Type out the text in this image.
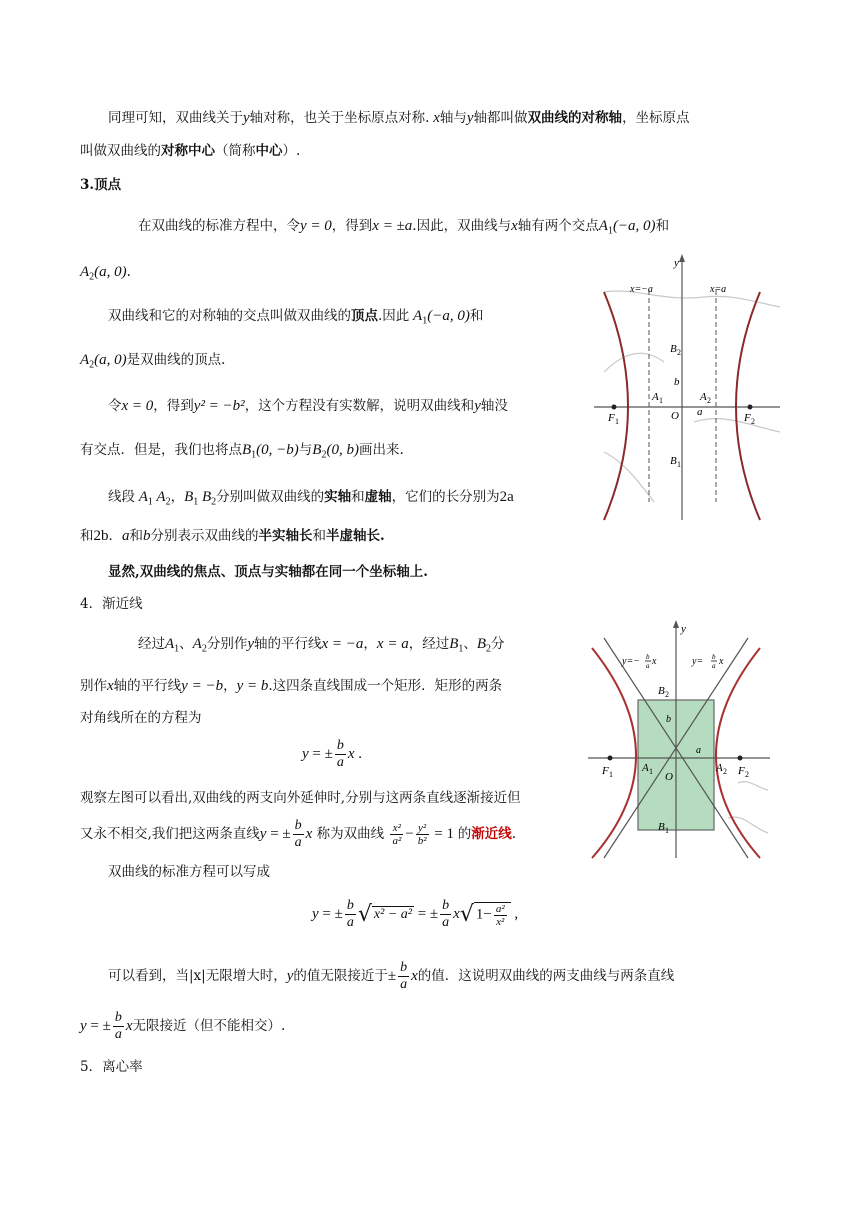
同理可知，双曲线关于y轴对称，也关于坐标原点对称. x轴与y轴都叫做双曲线的对称轴，坐标原点
叫做双曲线的对称中心（简称中心）.
3.顶点
在双曲线的标准方程中，令y = 0，得到x = ±a.因此，双曲线与x轴有两个交点$A_1(-a$, 0)和
$A_2(a$, 0).
双曲线和它的对称轴的交点叫做双曲线的顶点.因此 $A_1(-a$, 0)和
$A_2(a$, 0)是双曲线的顶点.
令x = 0，得到y² = −b²，这个方程没有实数解，说明双曲线和y轴没
有交点．但是，我们也将点$B_1(0$, −b)与$B_2(0$, b)画出来.
线段 $A_1$ $A_2$，$B_1$ $B_2$分别叫做双曲线的实轴和虚轴，它们的长分别为2a
和2b．a和b分别表示双曲线的半实轴长和半虚轴长.
显然,双曲线的焦点、顶点与实轴都在同一个坐标轴上.
4．渐近线
经过$A_1$、$A_2$分别作y轴的平行线x = −a，x = a，经过$B_1$、$B_2$分
别作x轴的平行线y = −b，y = b.这四条直线围成一个矩形．矩形的两条
对角线所在的方程为
y = ± $\frac{b}{a}$ x .
观察左图可以看出,双曲线的两支向外延伸时,分别与这两条直线逐渐接近但
又永不相交,我们把这两条直线y = ± $\frac{b}{a}$ x 称为双曲线 $\frac{\text{x²}}{\text{a²}} - \frac{\text{y²}}{\text{b²}} = 1$ 的渐近线.
双曲线的标准方程可以写成
y = ± $\frac{b}{a}$ √ x² − a² = ± $\frac{b}{a} x√$ $1- \frac{\text{a²}}{\text{x²}}$ ,
可以看到，当|x|无限增大时，y的值无限接近于± $\frac{b}{a}$ x的值．这说明双曲线的两支曲线与两条直线
y = ± $\frac{b}{a}$ x无限接近（但不能相交）.
5．离心率
y
x=−a	x=a
B 2
B 1
b
A 1	A 2
O a
F 1	F 2
y
y=− b
a x	y= b
a x
B 2
B 1
b
a
A 1 O
A 2
F 1	F 2
